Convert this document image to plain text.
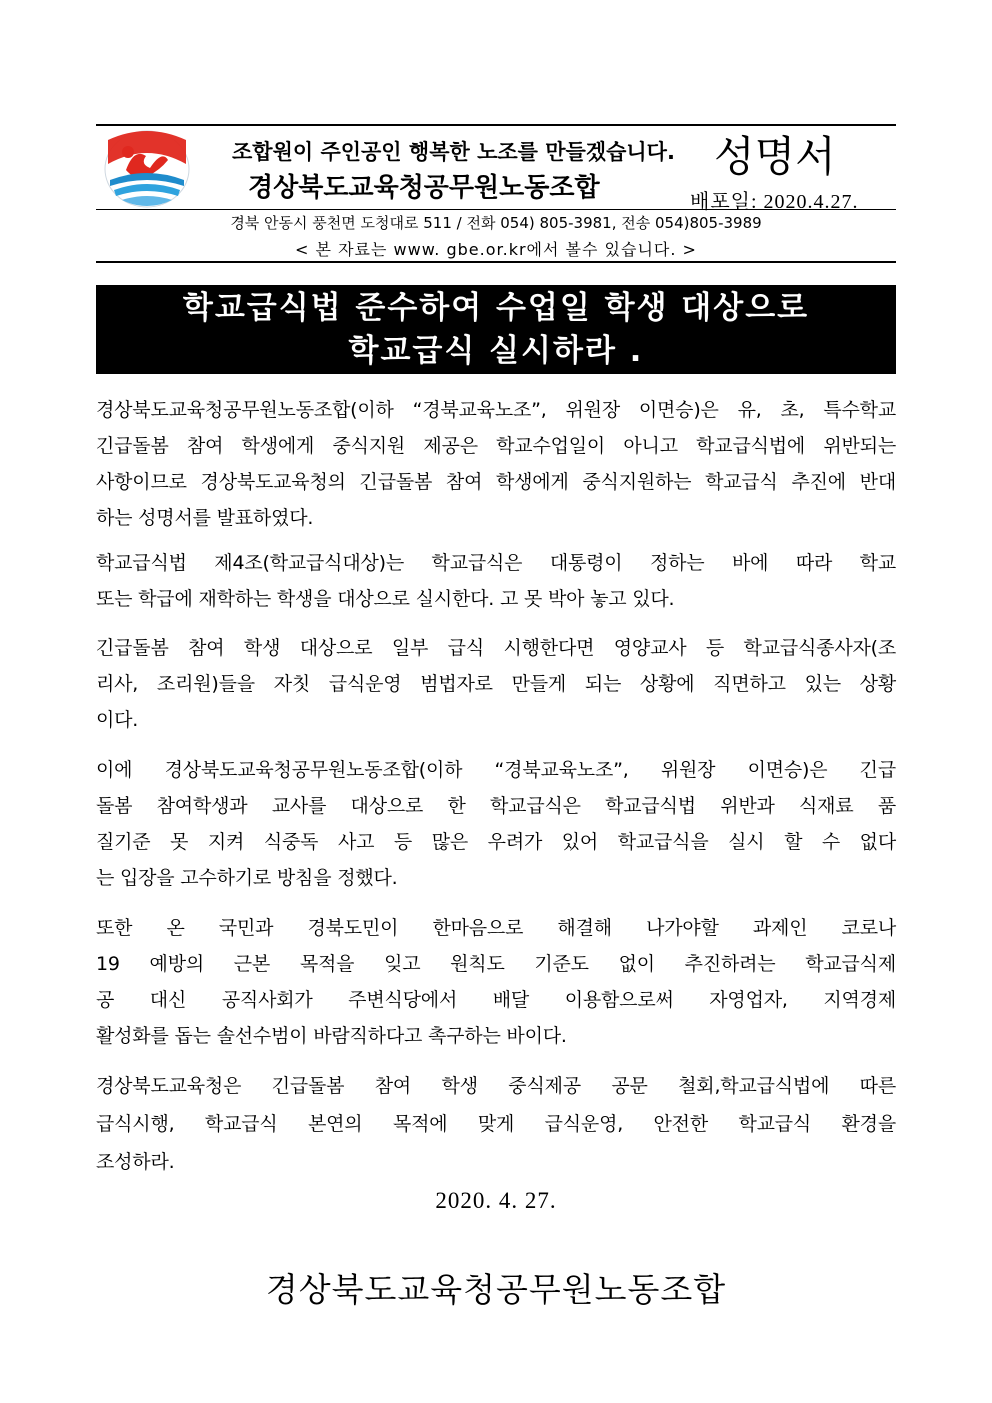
조합원이 주인공인 행복한 노조를 만들겠습니다.
경상북도교육청공무원노동조합
성명서
배포일: 2020.4.27.
경북 안동시 풍천면 도청대로 511 / 전화 054) 805-3981, 전송 054)805-3989
< 본 자료는 www. gbe.or.kr에서 볼수 있습니다. >
학교급식법 준수하여 수업일 학생 대상으로
학교급식 실시하라 .
경상북도교육청공무원노동조합(이하 “경북교육노조”, 위원장 이면승)은 유, 초, 특수학교
긴급돌봄 참여 학생에게 중식지원 제공은 학교수업일이 아니고 학교급식법에 위반되는
사항이므로 경상북도교육청의 긴급돌봄 참여 학생에게 중식지원하는 학교급식 추진에 반대
하는 성명서를 발표하였다.
학교급식법 제4조(학교급식대상)는 학교급식은 대통령이 정하는 바에 따라 학교
또는 학급에 재학하는 학생을 대상으로 실시한다. 고 못 박아 놓고 있다.
긴급돌봄 참여 학생 대상으로 일부 급식 시행한다면 영양교사 등 학교급식종사자(조
리사, 조리원)들을 자칫 급식운영 범법자로 만들게 되는 상황에 직면하고 있는 상황
이다.
이에 경상북도교육청공무원노동조합(이하 “경북교육노조”, 위원장 이면승)은 긴급
돌봄 참여학생과 교사를 대상으로 한 학교급식은 학교급식법 위반과 식재료 품
질기준 못 지켜 식중독 사고 등 많은 우려가 있어 학교급식을 실시 할 수 없다
는 입장을 고수하기로 방침을 정했다.
또한 온 국민과 경북도민이 한마음으로 해결해 나가야할 과제인 코로나
19 예방의 근본 목적을 잊고 원칙도 기준도 없이 추진하려는 학교급식제
공 대신 공직사회가 주변식당에서 배달 이용함으로써 자영업자, 지역경제
활성화를 돕는 솔선수범이 바람직하다고 촉구하는 바이다.
경상북도교육청은 긴급돌봄 참여 학생 중식제공 공문 철회,학교급식법에 따른
급식시행, 학교급식 본연의 목적에 맞게 급식운영, 안전한 학교급식 환경을
조성하라.
2020. 4. 27.
경상북도교육청공무원노동조합
